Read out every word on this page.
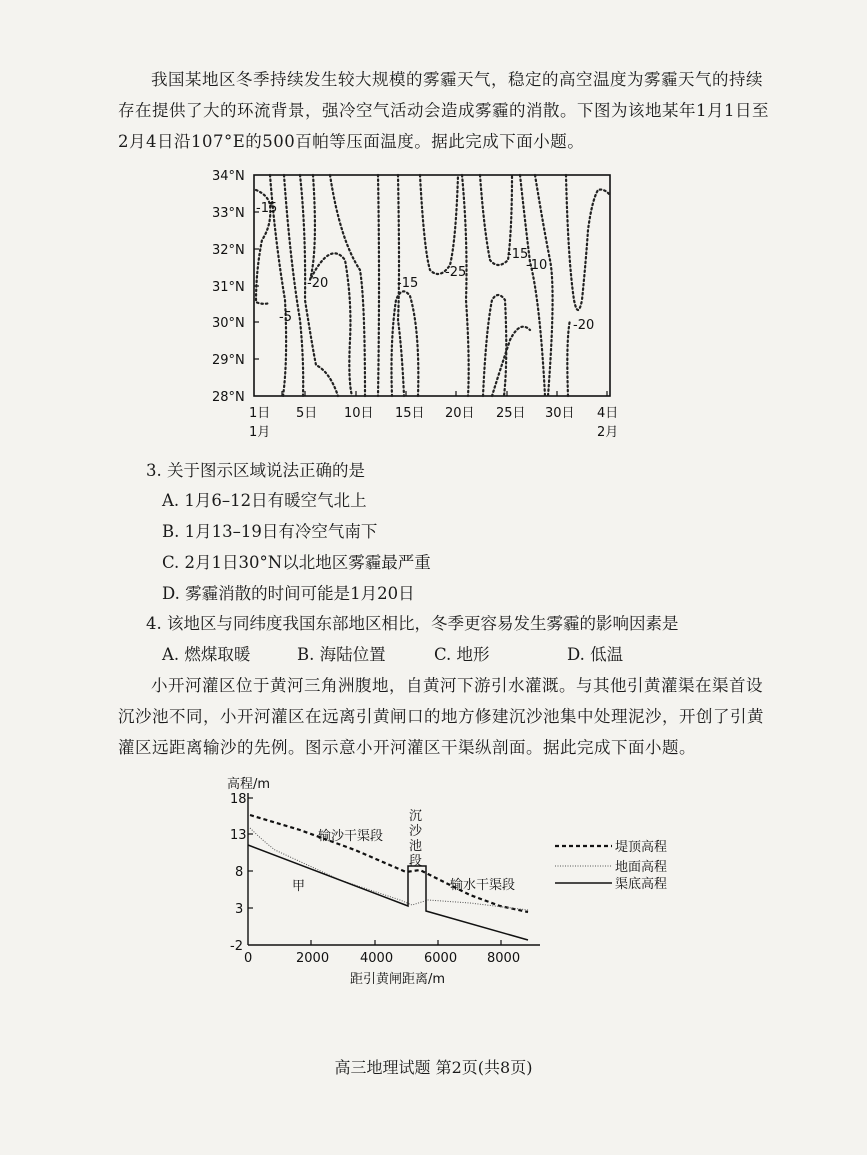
我国某地区冬季持续发生较大规模的雾霾天气，稳定的高空温度为雾霾天气的持续存在提供了大的环流背景，强冷空气活动会造成雾霾的消散。下图为该地某年1月1日至2月4日沿107°E的500百帕等压面温度。据此完成下面小题。

34°N
33°N
32°N
31°N
30°N
29°N
28°N
1日 5日 10日 15日 20日 25日 30日 4日
1月	2月
-15
-5
-20	-15
-25
-15
-10
-20

3. 关于图示区域说法正确的是

A. 1月6–12日有暖空气北上
B. 1月13–19日有冷空气南下
C. 2月1日30°N以北地区雾霾最严重
D. 雾霾消散的时间可能是1月20日

4. 该地区与同纬度我国东部地区相比，冬季更容易发生雾霾的影响因素是

A. 燃煤取暖	B. 海陆位置	C. 地形	D. 低温

小开河灌区位于黄河三角洲腹地，自黄河下游引水灌溉。与其他引黄灌渠在渠首设沉沙池不同，小开河灌区在远离引黄闸口的地方修建沉沙池集中处理泥沙，开创了引黄灌区远距离输沙的先例。图示意小开河灌区干渠纵剖面。据此完成下面小题。

高程/m
18
13
8
3
-2
0	2000 4000 6000 8000
距引黄闸距离/m
输沙干渠段
沉
沙
池
段
输水干渠段
甲
堤顶高程
地面高程
渠底高程
高三地理试题 第2页(共8页)
